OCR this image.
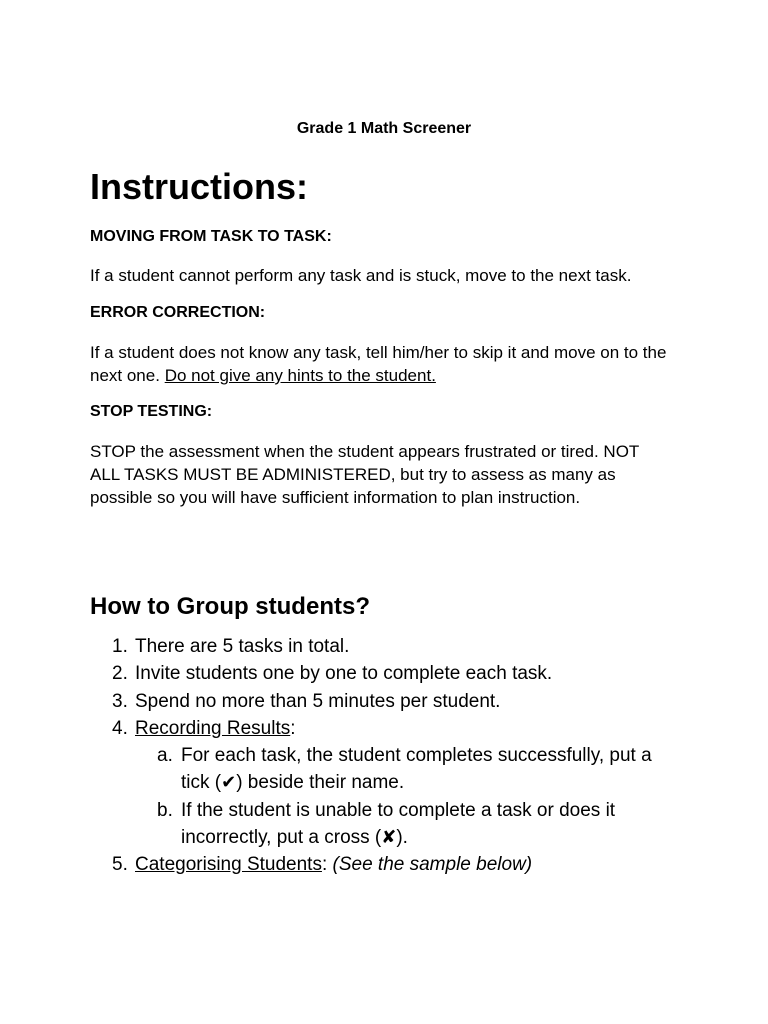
Grade 1 Math Screener

Instructions:

MOVING FROM TASK TO TASK:

If a student cannot perform any task and is stuck, move to the next task.

ERROR CORRECTION:

If a student does not know any task, tell him/her to skip it and move on to the next one. Do not give any hints to the student.

STOP TESTING:

STOP the assessment when the student appears frustrated or tired. NOT ALL TASKS MUST BE ADMINISTERED, but try to assess as many as possible so you will have sufficient information to plan instruction.

How to Group students?
1. There are 5 tasks in total.
2. Invite students one by one to complete each task.
3. Spend no more than 5 minutes per student.
4. Recording Results:
a. For each task, the student completes successfully, put a tick (✔) beside their name.
b. If the student is unable to complete a task or does it incorrectly, put a cross (✘).
5. Categorising Students: (See the sample below)
